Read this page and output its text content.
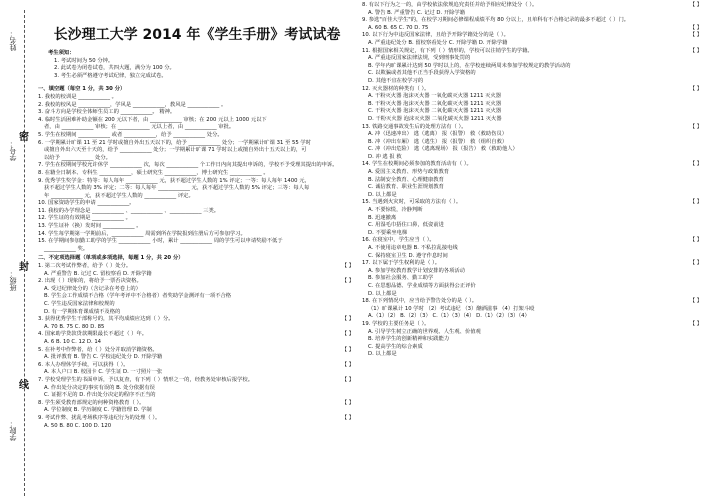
姓名：
学号：
班级：
学院：
密
封
线
长沙理工大学 2014 年《学生手册》考试试卷
考生须知：
1. 考试时间为 50 分钟。
2. 此试卷为闭卷试卷，共四大题，满分为 100 分。
3. 考生必须严格遵守考试纪律，独立完成试卷。
一、填空题（每空 1 分，共 30 分）
1. 我校的校训是 ____________ 。
2. 我校的校风是 ____________，学风是 ____________，教风是 ____________ 。
3. 奋斗方向是学校全体师生员工的 ____________。 精神。
4. 临时生活困难补助金额在 200 元以下者，由 ____________ 审核；在 200 元以上 1000 元以下
者，由 ____________ 审核；在 ____________ 元以上者，由 ____________ 审批。
5. 学生在校期间 ____________ 或者 ____________，给予 ____________ 处分。
6. 一学期累计旷课 11 至 21 学时或擅自外出五天以下的，给予 ____________ 处分；一学期累计旷课 31 至 55 学时
或擅自外出六天至十天的，给予 ____________ 处分；一学期累计旷课 71 学时以上或擅自外出十五天以上的，可
以给予 ____________ 处分。
7. 学生在校期间学校允许休学 ____________ 次，每次 ____________ 个工作日内向其提出申诉的，学校不予受理其提出的申诉。
8. 在籍全日制本、专科生 ____________，硕士研究生 ____________，博士研究生 ____________ 。
9. 优秀学生奖学金：特等：每人每年 ____________ 元，获不超过学生人数的 1% 评定；一等：每人每年 1400 元，
获不超过学生人数的 3% 评定；二等：每人每年 ____________ 元，获不超过学生人数的 5% 评定；三等：每人每
年 ____________ 元，获不超过学生人数的 ____________ 评定。
10. 国家资助学生的申请 ____________。
11. 我校的办学理念是 ____________ 、____________ 、____________ 三类。
12. 学生证的有效期是 ____________ 。
13. 学生证补（换）发时间 ____________ 。
14. 学生每学期第一学期前后，____________ 周需到所在学院报到注册后方可参加学习。
15. 在学期间参加勤工助学的学生 ____________ 小时，累计 ____________ 周的学生可以申请奖励不低于
____________ 奖。
二、不定项选择题（单项或多项选择，每题 1 分，共 20 分）
1. 第二次考试作弊者，给予（ ）处分。	【 】
A. 严重警告 B. 记过 C. 留校察看 D. 开除学籍
2. 出现（ ）现象的，将给予一票否决资格。	【 】
A. 受过纪律处分的（含记录在考卷上的）
B. 学生会工作成绩不合格（学年考评中不合格者）者奖助学金测评有一项不合格
C. 学生违反国家法律和校规的
D. 有一学期体育课成绩不及格的
3. 获得优秀学生干部称号的，其平均成绩应达到（ ）分。	【 】
A. 70 B. 75 C. 80 D. 85
4. 国家助学贷款贷款期限最长不超过（ ）年。	【 】
A. 6 B. 10 C. 12 D. 14
5. 在补考中作弊者，给（ ）处分并取消学籍资格。	【 】
A. 批评教育 B. 警告 C. 学校违纪处分 D. 开除学籍
6. 本人办理休学手续，可以获得（ ）。	【 】
A. 本人户口 B. 校园卡 C. 学生证 D. 一寸照片一张
7. 学校受理学生的书面申诉，予以复查，有下列（ ）情形之一的，经教务处审核后报学校。	【 】
A. 作出处分决定的事实有误的 B. 处分依据有误
C. 证据不足的 D. 作出处分决定的程序不正当的
8. 学生须受教育部规定的何种资格教育（ ）。	【 】
A. 学位制度 B. 学历制度 C. 学籍管理 D. 学制
9. 考试作弊、扰乱考场秩序等违纪行为的处理（ ）。	【 】
A. 50 B. 80 C. 100 D. 120
8. 有以下行为之一的，由学校依法依规追究责任并给予相应纪律处分（ ）。	【 】
A. 警告 B. 严重警告 C. 记过 D. 开除学籍
9. 参选"百佳大学生"的，在校学习期间必修课程成绩平均 80 分以上，且单科有不合格记录的最多不超过（ ）门。
A. 60 B. 65 C. 70 D. 75	【 】
10. 以下行为中违反国家法律，且给予开除学籍处分的是（ ）。	【 】
A. 严重违纪处分 B. 留校察看处分 C. 开除学籍 D. 开除学籍
11. 根据国家相关规定，有下列（ ）情形的，学校可以注销学生的学籍。	【 】
A. 严重违反国家法律法规，受到刑事处罚的
B. 学年内旷课累计达到 50 学时以上的，在学校连续两周未参加学校规定的教学活动的
C. 以欺骗或者其他不正当手段获得入学资格的
D. 其他不宜在校学习的
12. 灭火器材的种类有（ ）。	【 】
A. 干粉灭火器 泡沫灭火器 一氧化碳灭火器 1211 灭火器
B. 干粉灭火器 泡沫灭火器 二氧化碳灭火器 1211 灭火器
C. 干粉灭火器 泡沫灭火器 二氧化碳灭火器 1211 灭火器
D. 干粉灭火器 泡沫灭火器 二氧化碳灭火器 1211 灭火器
13. 铁路交通事故发生后的处理方法有（ ）。	【 】
A. 冲（迅速冲出） 逃（逃离） 报（报警） 救（救助伤员）
B. 冲（冲出车厢） 逃（逃生） 报（报警） 救（组织自救）
C. 冲（冲出危险） 逃（逃离现场） 报（报告） 救（救助他人）
D. 冲 逃 报 救
14. 学生在校期间必须参加的教育活动有（ ）。	【 】
A. 爱国主义教育、形势与政策教育
B. 法制安全教育、心理健康教育
C. 诚信教育、职业生涯规划教育
D. 以上都是
15. 当遇到火灾时，可采取的方法有（ ）。	【 】
A. 不要惊慌，冷静判断
B. 迅速撤离
C. 用湿毛巾捂住口鼻，低姿前进
D. 不要乘坐电梯
16. 在寝室中，学生应当（ ）。	【 】
A. 不使用违章电器 B. 不私拉乱接电线
C. 保持寝室卫生 D. 遵守作息时间
17. 以下属于学生权利的是（ ）。	【 】
A. 参加学校教育教学计划安排的各项活动
B. 参加社会服务、勤工助学
C. 在思想品德、学业成绩等方面获得公正评价
D. 以上都是
18. 在下列情况中，应当给予警告处分的是（ ）。	【 】
（1）旷课累计 10 学时 （2）考试违纪 （3）酗酒滋事 （4）打架斗殴
A.（1）（2） B.（2）（3） C.（1）（3）（4） D.（1）（2）（3）（4）
19. 学校的主要任务是（ ）。	【 】
A. 引导学生树立正确的世界观、人生观、价值观
B. 培养学生的创新精神和实践能力
C. 提高学生的综合素质
D. 以上都是
